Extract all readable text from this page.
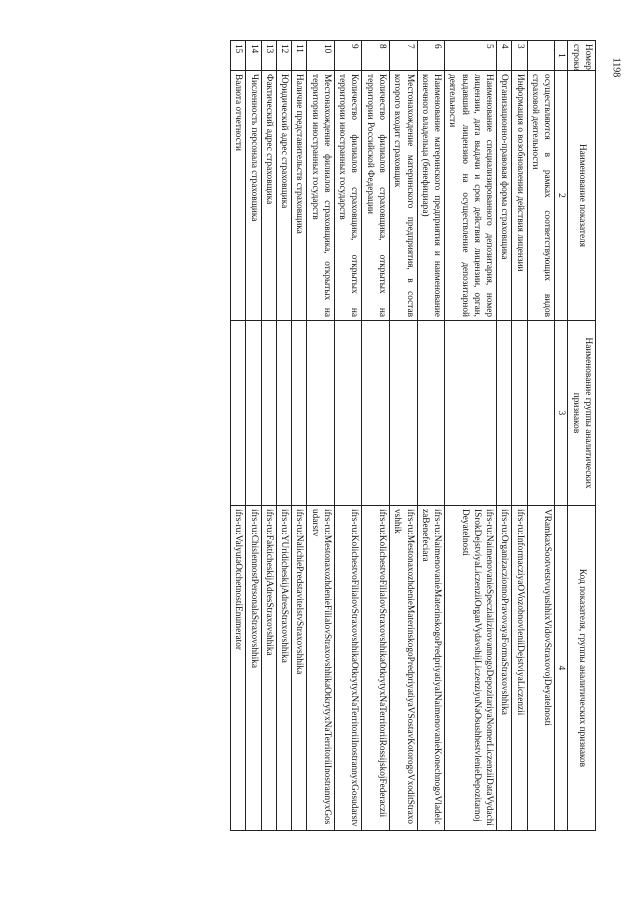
1198
Номер строки	Наименование показателя	Наименование группы аналитических признаков	Код показателя, группы аналитических признаков
1	2	3	4
	осуществляются в рамках соответствующих видов страховой деятельности		VRamkaxSootvetstvuyushhixVidovStraxovojDeyatelnosti
3	Информация о возобновлении действия лицензии		ifrs-ru:InformacziyaOVozobnovleniiDejstviyaLiczenzii
4	Организационно-правовая форма страховщика		ifrs-ru:OrganizaczionnoPravovayaFormaStraxovshhika
5	Наименование специализированного депозитария, номер лицензии, дата выдачи и срок действия лицензии, орган, выдавший лицензию на осуществление депозитарной деятельности		ifrs-ru:NaimenovanieSpeczializirovannogoDepozitariyaNomerLiczenziiDataVydachiISrokDejstviyaLiczenziiOrganVydavshijLiczenziyuNaOsushhestvlenieDepozitarnojDeyatelnosti
6	Наименование материнского предприятия и наименование конечного владельца (бенефициара)		ifrs-ru:NaimenovanieMaterinskogoPredpriyatiyaINaimenovanieKonechnogoVladelczaBenefeciara
7	Местонахождение материнского предприятия, в состав которого входит страховщик		ifrs-ru:MestonaxozhdenieMaterinskogoPredpriyatiyaVSostavKotorogoVxoditStraxovshhik
8	Количество филиалов страховщика, открытых на территории Российской Федерации		ifrs-ru:KolichestvoFilialovStraxovshhikaOtkrytyxNaTerritoriiRossijskojFederaczii
9	Количество филиалов страховщика, открытых на территории иностранных государств		ifrs-ru:KolichestvoFilialovStraxovshhikaOtkrytyxNaTerritoriiInostrannyxGosudarstv
10	Местонахождение филиалов страховщика, открытых на территории иностранных государств		ifrs-ru:MestonaxozhdenieFilialovStraxovshhikaOtkrytyxNaTerritoriiInostrannyxGosudarstv
11	Наличие представительств страховщика		ifrs-ru:NalichiePredstavitelstvStraxovshhika
12	Юридический адрес страховщика		ifrs-ru:YUridicheskijAdresStraxovshhika
13	Фактический адрес страховщика		ifrs-ru:FakticheskijAdresStraxovshhika
14	Численность персонала страховщика		ifrs-ru:ChislennostPersonalaStraxovshhika
15	Валюта отчетности		ifrs-ru:ValyutaOtchetnostiEnumerator
